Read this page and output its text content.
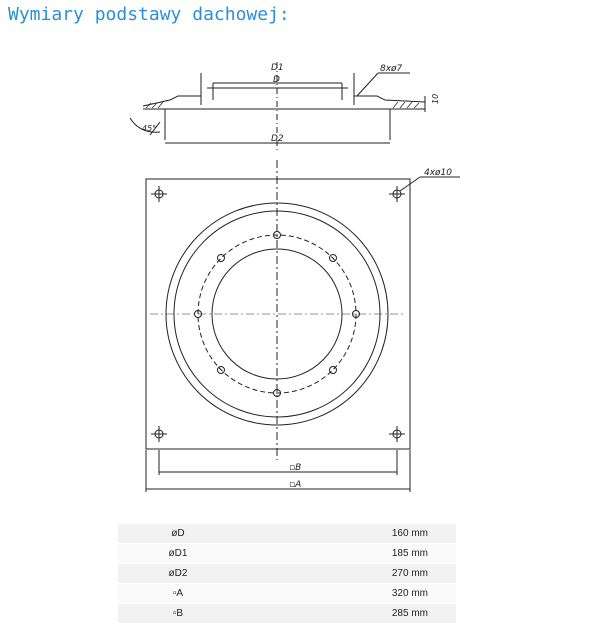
Wymiary podstawy dachowej:
D1
D
D2
8xø7
45°
10
4xø10
▫B
▫A
øD	160 mm
øD1	185 mm
øD2	270 mm
▫A	320 mm
▫B	285 mm
